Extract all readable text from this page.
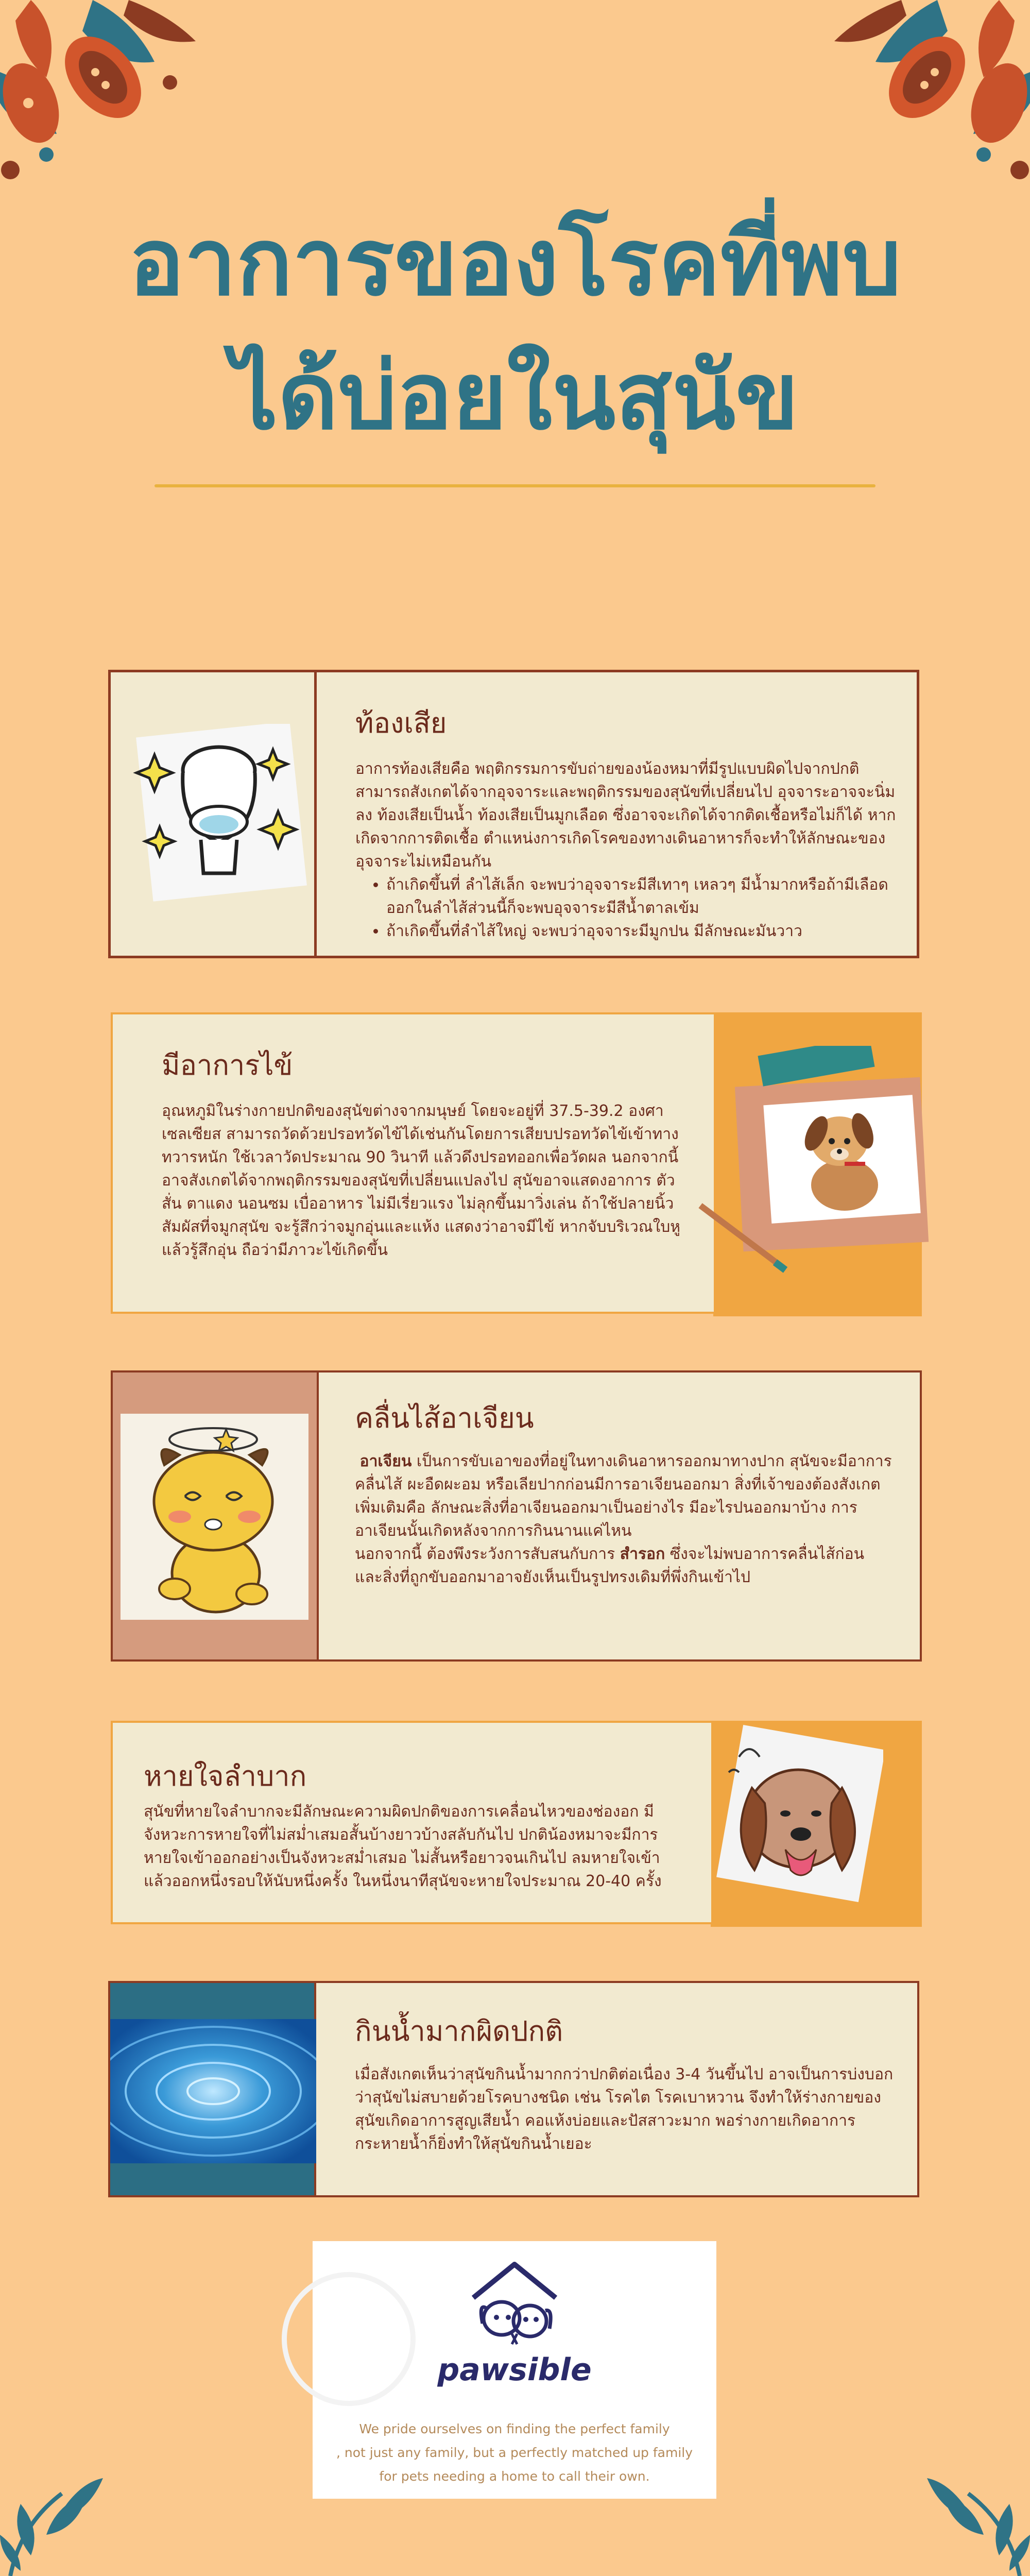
อาการของโรคที่พบ
ได้บ่อยในสุนัข
ท้องเสีย

อาการท้องเสียคือ พฤติกรรมการขับถ่ายของน้องหมาที่มีรูปแบบผิดไปจากปกติ สามารถสังเกตได้จากอุจจาระและพฤติกรรมของสุนัขที่เปลี่ยนไป อุจจาระอาจจะนิ่มลง ท้องเสียเป็นน้ำ ท้องเสียเป็นมูกเลือด ซึ่งอาจจะเกิดได้จากติดเชื้อหรือไม่ก็ได้ หากเกิดจากการติดเชื้อ ตำแหน่งการเกิดโรคของทางเดินอาหารก็จะทำให้ลักษณะของอุจจาระไม่เหมือนกัน

• ถ้าเกิดขึ้นที่ ลำไส้เล็ก จะพบว่าอุจจาระมีสีเทาๆ เหลวๆ มีน้ำมากหรือถ้ามีเลือดออกในลำไส้ส่วนนี้ก็จะพบอุจจาระมีสีน้ำตาลเข้ม
• ถ้าเกิดขึ้นที่ลำไส้ใหญ่ จะพบว่าอุจจาระมีมูกปน มีลักษณะมันวาว
มีอาการไข้
อุณหภูมิในร่างกายปกติของสุนัขต่างจากมนุษย์ โดยจะอยู่ที่ 37.5-39.2 องศาเซลเซียส สามารถวัดด้วยปรอทวัดไข้ได้เช่นกันโดยการเสียบปรอทวัดไข้เข้าทางทวารหนัก ใช้เวลาวัดประมาณ 90 วินาที แล้วดึงปรอทออกเพื่อวัดผล นอกจากนี้อาจสังเกตได้จากพฤติกรรมของสุนัขที่เปลี่ยนแปลงไป สุนัขอาจแสดงอาการ ตัวสั่น ตาแดง นอนซม เบื่ออาหาร ไม่มีเรี่ยวแรง ไม่ลุกขึ้นมาวิ่งเล่น ถ้าใช้ปลายนิ้วสัมผัสที่จมูกสุนัข จะรู้สึกว่าจมูกอุ่นและแห้ง แสดงว่าอาจมีไข้ หากจับบริเวณใบหูแล้วรู้สึกอุ่น ถือว่ามีภาวะไข้เกิดขึ้น
คลื่นไส้อาเจียน

อาเจียน เป็นการขับเอาของที่อยู่ในทางเดินอาหารออกมาทางปาก สุนัขจะมีอาการคลื่นไส้ ผะอืดผะอม หรือเลียปากก่อนมีการอาเจียนออกมา สิ่งที่เจ้าของต้องสังเกตเพิ่มเติมคือ ลักษณะสิ่งที่อาเจียนออกมาเป็นอย่างไร มีอะไรปนออกมาบ้าง การอาเจียนนั้นเกิดหลังจากการกินนานแค่ไหน

นอกจากนี้ ต้องพึงระวังการสับสนกับการ สำรอก ซึ่งจะไม่พบอาการคลื่นไส้ก่อน และสิ่งที่ถูกขับออกมาอาจยังเห็นเป็นรูปทรงเดิมที่พึ่งกินเข้าไป

หายใจลำบาก
สุนัขที่หายใจลำบากจะมีลักษณะความผิดปกติของการเคลื่อนไหวของช่องอก มีจังหวะการหายใจที่ไม่สม่ำเสมอสั้นบ้างยาวบ้างสลับกันไป ปกติน้องหมาจะมีการหายใจเข้าออกอย่างเป็นจังหวะสม่ำเสมอ ไม่สั้นหรือยาวจนเกินไป ลมหายใจเข้าแล้วออกหนึ่งรอบให้นับหนึ่งครั้ง ในหนึ่งนาทีสุนัขจะหายใจประมาณ 20-40 ครั้ง
กินน้ำมากผิดปกติ
เมื่อสังเกตเห็นว่าสุนัขกินน้ำมากกว่าปกติต่อเนื่อง 3-4 วันขึ้นไป อาจเป็นการบ่งบอกว่าสุนัขไม่สบายด้วยโรคบางชนิด เช่น โรคไต โรคเบาหวาน จึงทำให้ร่างกายของสุนัขเกิดอาการสูญเสียน้ำ คอแห้งบ่อยและปัสสาวะมาก พอร่างกายเกิดอาการกระหายน้ำก็ยิ่งทำให้สุนัขกินน้ำเยอะ
pawsible
We pride ourselves on finding the perfect family
, not just any family, but a perfectly matched up family
for pets needing a home to call their own.
